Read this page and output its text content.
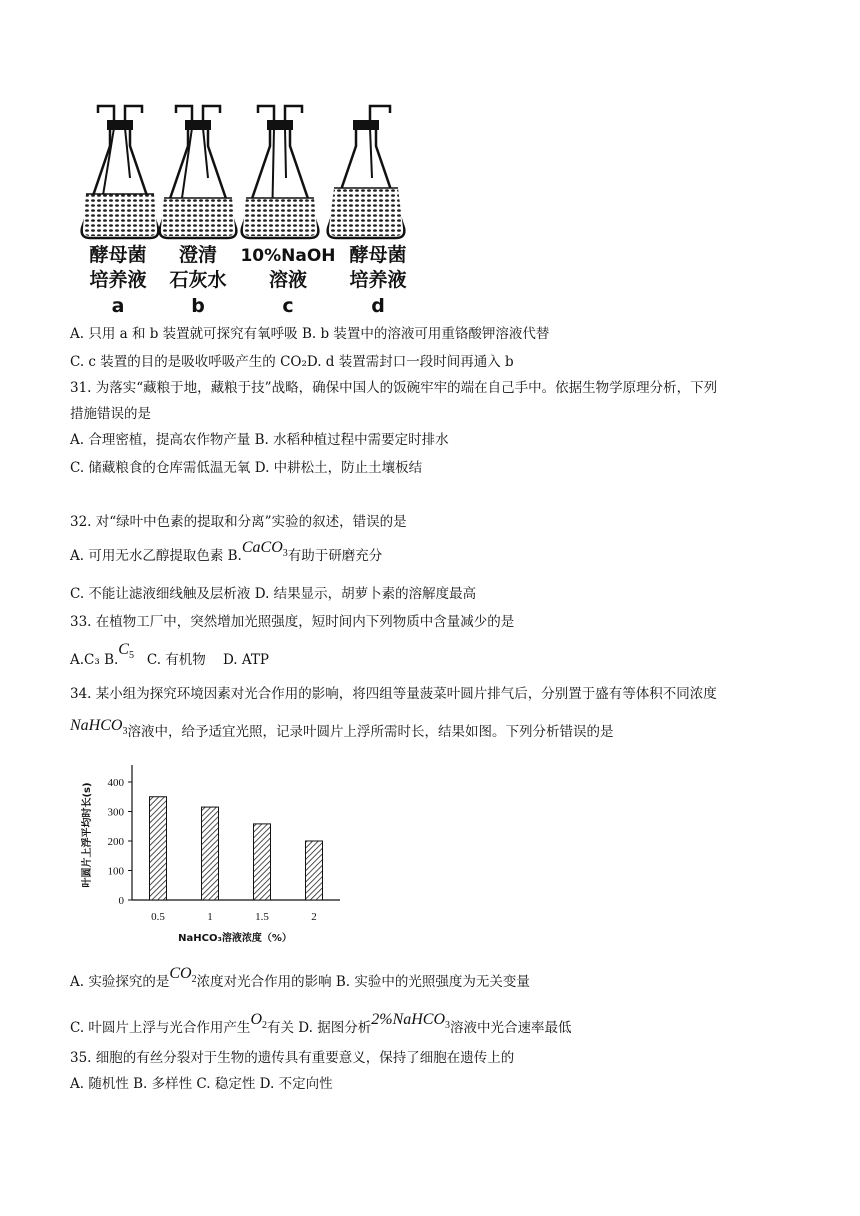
酵母菌
培养液
a
澄清
石灰水
b
10%NaOH
溶液
c
酵母菌
培养液
d
A. 只用 a 和 b 装置就可探究有氧呼吸 B. b 装置中的溶液可用重铬酸钾溶液代替
C. c 装置的目的是吸收呼吸产生的 CO₂D. d 装置需封口一段时间再通入 b
31. 为落实“藏粮于地，藏粮于技”战略，确保中国人的饭碗牢牢的端在自己手中。依据生物学原理分析，下列
措施错误的是
A. 合理密植，提高农作物产量 B. 水稻种植过程中需要定时排水
C. 储藏粮食的仓库需低温无氧 D. 中耕松土，防止土壤板结
32. 对“绿叶中色素的提取和分离”实验的叙述，错误的是
A. 可用无水乙醇提取色素 B.CaCO$_3$有助于研磨充分
C. 不能让滤液细线触及层析液 D. 结果显示，胡萝卜素的溶解度最高
33. 在植物工厂中，突然增加光照强度，短时间内下列物质中含量减少的是
A.C₃ $B.C_5$   C. 有机物    D. ATP
34. 某小组为探究环境因素对光合作用的影响，将四组等量菠菜叶圆片排气后，分别置于盛有等体积不同浓度
NaHCO$_3$溶液中，给予适宜光照，记录叶圆片上浮所需时长，结果如图。下列分析错误的是
叶圆片上浮平均时长(s)
0
100
200
300
400
0.5	1	1.5	2
NaHCO₃溶液浓度（%）
A. 实验探究的是$CO_2$浓度对光合作用的影响 B. 实验中的光照强度为无关变量
C. 叶圆片上浮与光合作用产生$O_2$有关 D. 据图分析2%NaHCO$_3$溶液中光合速率最低
35. 细胞的有丝分裂对于生物的遗传具有重要意义，保持了细胞在遗传上的
A. 随机性 B. 多样性 C. 稳定性 D. 不定向性
